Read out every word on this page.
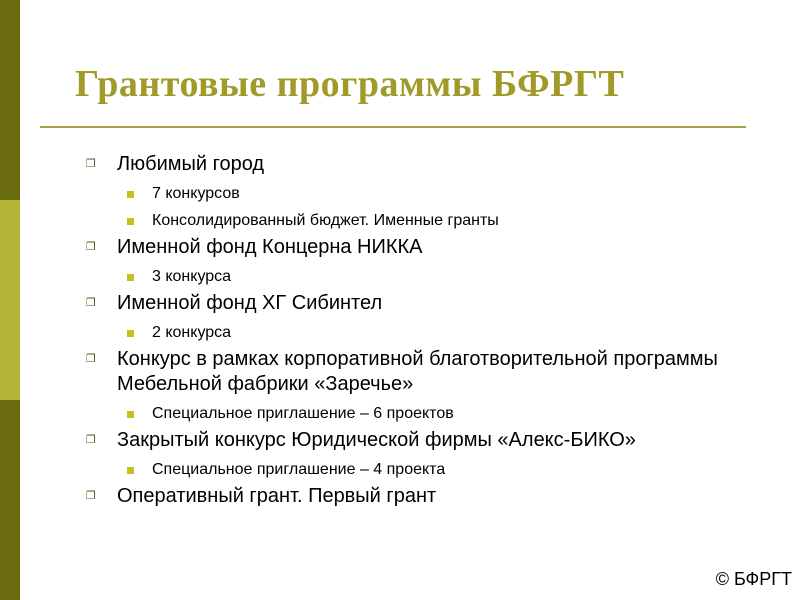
Грантовые программы БФРГТ
❒ Любимый город
7 конкурсов
Консолидированный бюджет. Именные гранты
❒ Именной фонд Концерна НИККА
3 конкурса
❒ Именной фонд ХГ Сибинтел
2 конкурса
❒ Конкурс в рамках корпоративной благотворительной программы Мебельной фабрики «Заречье»
Специальное приглашение – 6 проектов
❒ Закрытый конкурс Юридической фирмы «Алекс-БИКО»
Специальное приглашение – 4 проекта
❒ Оперативный грант. Первый грант
© БФРГТ
